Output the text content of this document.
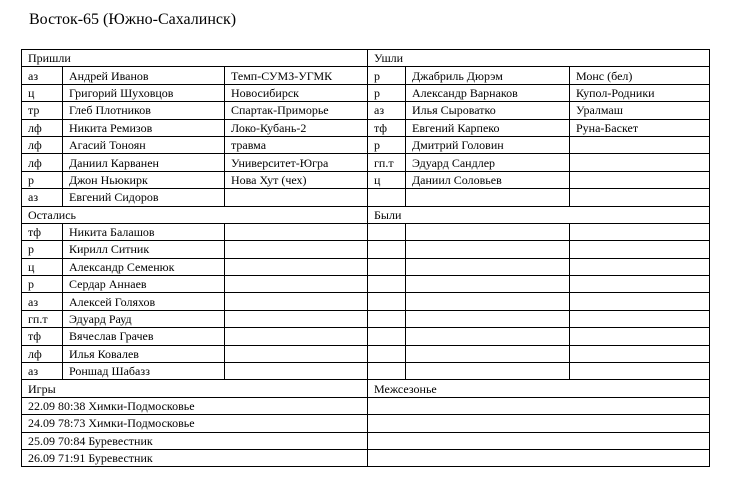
Восток-65 (Южно-Сахалинск)
Пришли			Ушли		
аз	Андрей Иванов	Темп-СУМЗ-УГМК	р	Джабриль Дюрэм	Монс (бел)
ц	Григорий Шуховцов	Новосибирск	р	Александр Варнаков	Купол-Родники
тр	Глеб Плотников	Спартак-Приморье	аз	Илья Сыроватко	Уралмаш
лф	Никита Ремизов	Локо-Кубань-2	тф	Евгений Карпеко	Руна-Баскет
лф	Агасий Тоноян	травма	р	Дмитрий Головин	
лф	Даниил Карванен	Университет-Югра	гп.т	Эдуард Сандлер	
р	Джон Ньюкирк	Нова Хут (чех)	ц	Даниил Соловьев	
аз	Евгений Сидоров				
Остались			Были		
тф	Никита Балашов				
р	Кирилл Ситник				
ц	Александр Семенюк				
р	Сердар Аннаев				
аз	Алексей Голяхов				
гп.т	Эдуард Рауд				
тф	Вячеслав Грачев				
лф	Илья Ковалев				
аз	Роншад Шабазз				
Игры			Межсезонье		
22.09 80:38 Химки-Подмосковье					
24.09 78:73 Химки-Подмосковье					
25.09 70:84 Буревестник					
26.09 71:91 Буревестник					
